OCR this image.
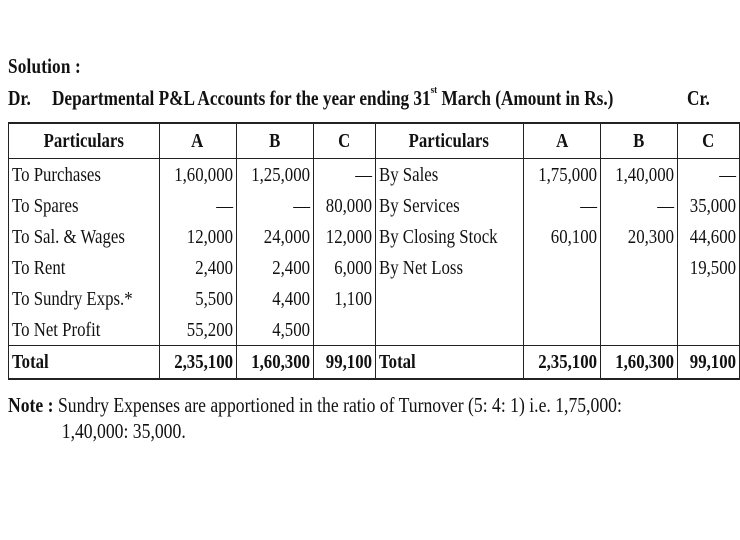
Solution :
Dr. Departmental P&L Accounts for the year ending 31st March (Amount in Rs.)	Cr.
Particulars	A	B	C	Particulars	A	B	C
To Purchases	1,60,000	1,25,000	—	By Sales	1,75,000	1,40,000	—
To Spares	—	—	80,000	By Services	—	—	35,000
To Sal. & Wages	12,000	24,000	12,000	By Closing Stock	60,100	20,300	44,600
To Rent	2,400	2,400	6,000	By Net Loss			19,500
To Sundry Exps.*	5,500	4,400	1,100				
To Net Profit	55,200	4,500					
Total	2,35,100	1,60,300	99,100	Total	2,35,100	1,60,300	99,100
Note : Sundry Expenses are apportioned in the ratio of Turnover (5: 4: 1) i.e. 1,75,000:
1,40,000: 35,000.
